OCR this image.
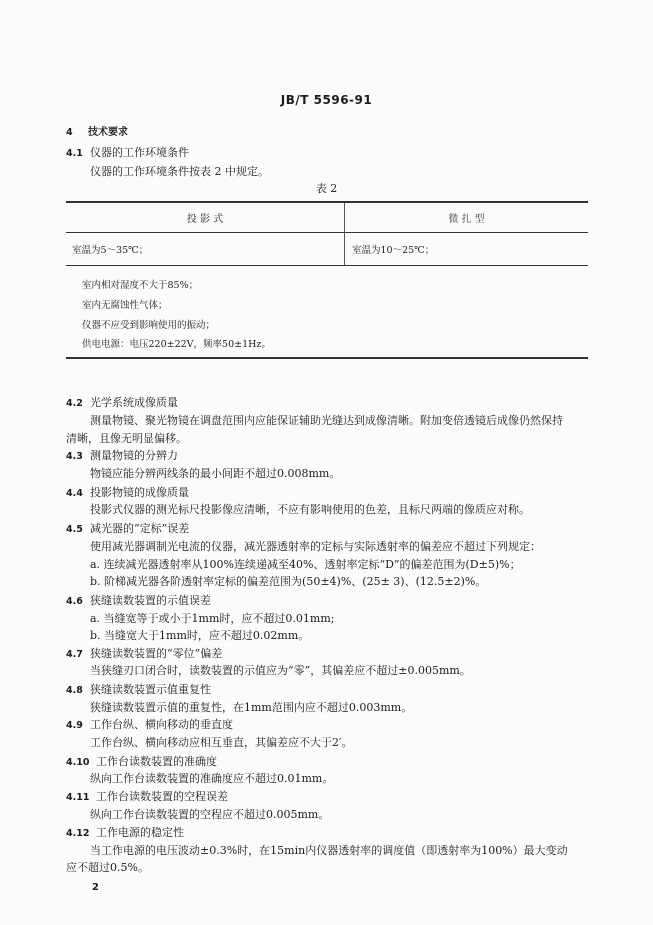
JB/T 5596-91
4 技术要求
4.1 仪器的工作环境条件
仪器的工作环境条件按表 2 中规定。
表 2
投 影 式	微 扎 型
室温为5～35℃；	室温为10～25℃；
室内相对湿度不大于85%；
室内无腐蚀性气体；
仪器不应受到影响使用的振动；
供电电源：电压220±22V，频率50±1Hz。
4.2 光学系统成像质量
测量物镜、聚光物镜在调盘范围内应能保证辅助光缝达到成像清晰。附加变倍透镜后成像仍然保持
清晰，且像无明显偏移。
4.3 测量物镜的分辨力
物镜应能分辨两线条的最小间距不超过0.008mm。
4.4 投影物镜的成像质量
投影式仪器的测光标尺投影像应清晰，不应有影响使用的色差，且标尺两端的像质应对称。
4.5 减光器的“定标”误差
使用减光器调制光电流的仪器，减光器透射率的定标与实际透射率的偏差应不超过下列规定：
a. 连续减光器透射率从100%连续递减至40%、透射率定标“D”的偏差范围为(D±5)%；
b. 阶梯减光器各阶透射率定标的偏差范围为(50±4)%、(25± 3)、(12.5±2)%。
4.6 狭缝读数装置的示值误差
a. 当缝宽等于或小于1mm时，应不超过0.01mm;
b. 当缝宽大于1mm时，应不超过0.02mm。
4.7 狭缝读数装置的“零位”偏差
当狭缝刃口闭合时，读数装置的示值应为“零”，其偏差应不超过±0.005mm。
4.8 狭缝读数装置示值重复性
狭缝读数装置示值的重复性，在1mm范围内应不超过0.003mm。
4.9 工作台纵、横向移动的垂直度
工作台纵、横向移动应相互垂直，其偏差应不大于2′。
4.10 工作台读数装置的准确度
纵向工作台读数装置的准确度应不超过0.01mm。
4.11 工作台读数装置的空程误差
纵向工作台读数装置的空程应不超过0.005mm。
4.12 工作电源的稳定性
当工作电源的电压波动±0.3%时，在15min内仪器透射率的调度值（即透射率为100%）最大变动
应不超过0.5%。
2
